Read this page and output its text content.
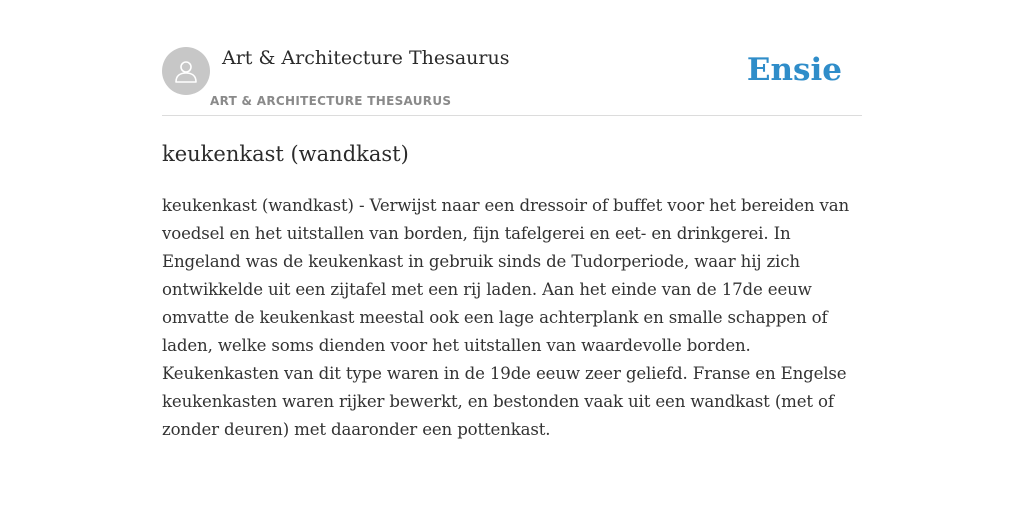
Art & Architecture Thesaurus
ART & ARCHITECTURE THESAURUS
Ensie
keukenkast (wandkast)

keukenkast (wandkast) - Verwijst naar een dressoir of buffet voor het bereiden van voedsel en het uitstallen van borden, fijn tafelgerei en eet- en drinkgerei. In Engeland was de keukenkast in gebruik sinds de Tudorperiode, waar hij zich ontwikkelde uit een zijtafel met een rij laden. Aan het einde van de 17de eeuw omvatte de keukenkast meestal ook een lage achterplank en smalle schappen of laden, welke soms dienden voor het uitstallen van waardevolle borden. Keukenkasten van dit type waren in de 19de eeuw zeer geliefd. Franse en Engelse keukenkasten waren rijker bewerkt, en bestonden vaak uit een wandkast (met of zonder deuren) met daaronder een pottenkast.
